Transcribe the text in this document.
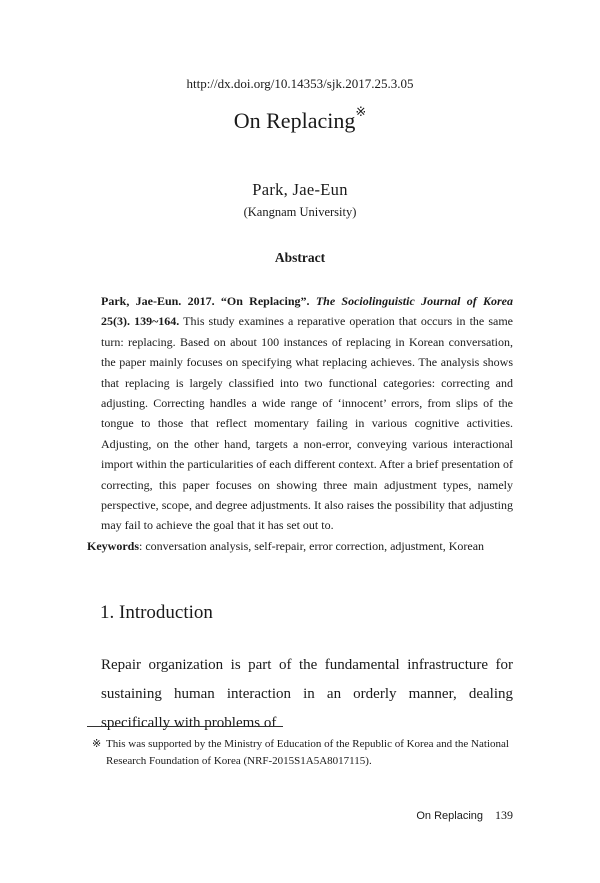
http://dx.doi.org/10.14353/sjk.2017.25.3.05
On Replacing※
Park, Jae-Eun
(Kangnam University)
Abstract
Park, Jae-Eun. 2017. “On Replacing”. The Sociolinguistic Journal of Korea 25(3). 139~164. This study examines a reparative operation that occurs in the same turn: replacing. Based on about 100 instances of replacing in Korean conversation, the paper mainly focuses on specifying what replacing achieves. The analysis shows that replacing is largely classified into two functional categories: correcting and adjusting. Correcting handles a wide range of ‘innocent’ errors, from slips of the tongue to those that reflect momentary failing in various cognitive activities. Adjusting, on the other hand, targets a non-error, conveying various interactional import within the particularities of each different context. After a brief presentation of correcting, this paper focuses on showing three main adjustment types, namely perspective, scope, and degree adjustments. It also raises the possibility that adjusting may fail to achieve the goal that it has set out to.
Keywords: conversation analysis, self-repair, error correction, adjustment, Korean
1. Introduction
Repair organization is part of the fundamental infrastructure for sustaining human interaction in an orderly manner, dealing specifically with problems of
※ This was supported by the Ministry of Education of the Republic of Korea and the National
Research Foundation of Korea (NRF-2015S1A5A8017115).
On Replacing 139
